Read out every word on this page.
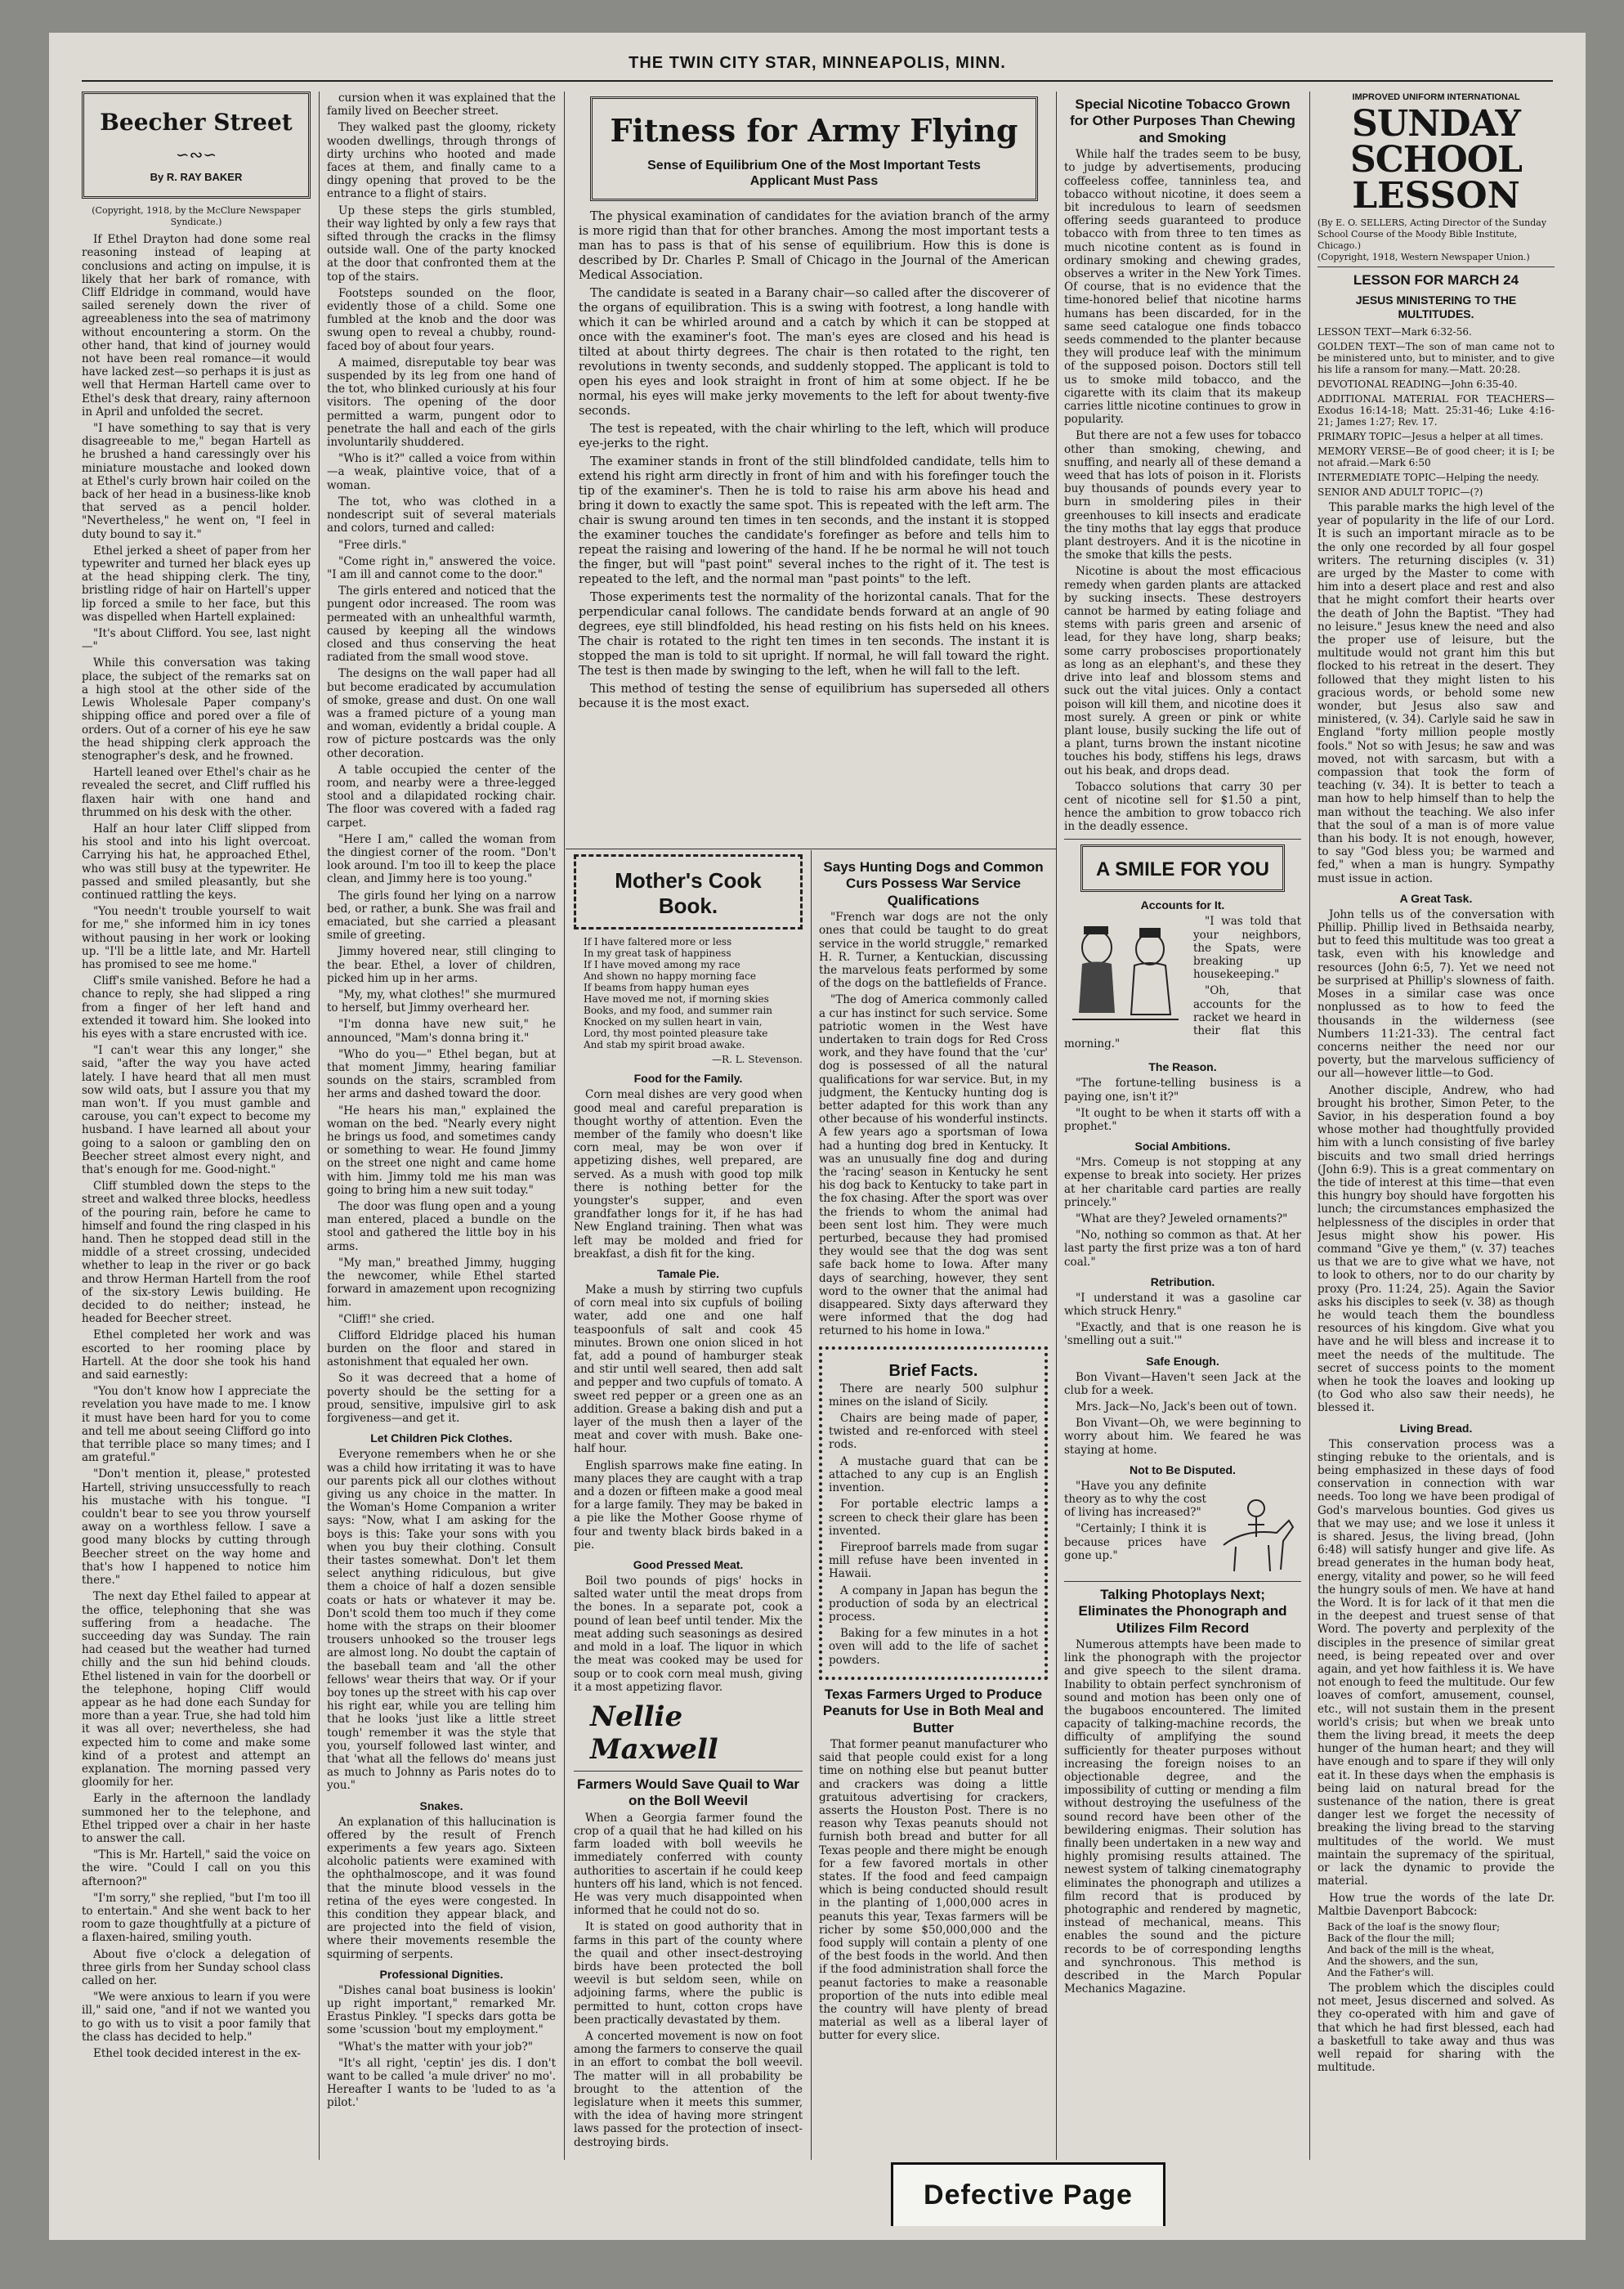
THE TWIN CITY STAR, MINNEAPOLIS, MINN.
Beecher Street
∽∾∽
By R. RAY BAKER
(Copyright, 1918, by the McClure Newspaper Syndicate.)

If Ethel Drayton had done some real reasoning instead of leaping at conclusions and acting on impulse, it is likely that her bark of romance, with Cliff Eldridge in command, would have sailed serenely down the river of agreeableness into the sea of matrimony without encountering a storm. On the other hand, that kind of journey would not have been real romance—it would have lacked zest—so perhaps it is just as well that Herman Hartell came over to Ethel's desk that dreary, rainy afternoon in April and unfolded the secret.

"I have something to say that is very disagreeable to me," began Hartell as he brushed a hand caressingly over his miniature moustache and looked down at Ethel's curly brown hair coiled on the back of her head in a business-like knob that served as a pencil holder. "Nevertheless," he went on, "I feel in duty bound to say it."

Ethel jerked a sheet of paper from her typewriter and turned her black eyes up at the head shipping clerk. The tiny, bristling ridge of hair on Hartell's upper lip forced a smile to her face, but this was dispelled when Hartell explained:

"It's about Clifford. You see, last night—"

While this conversation was taking place, the subject of the remarks sat on a high stool at the other side of the Lewis Wholesale Paper company's shipping office and pored over a file of orders. Out of a corner of his eye he saw the head shipping clerk approach the stenographer's desk, and he frowned.

Hartell leaned over Ethel's chair as he revealed the secret, and Cliff ruffled his flaxen hair with one hand and thrummed on his desk with the other.

Half an hour later Cliff slipped from his stool and into his light overcoat. Carrying his hat, he approached Ethel, who was still busy at the typewriter. He passed and smiled pleasantly, but she continued rattling the keys.

"You needn't trouble yourself to wait for me," she informed him in icy tones without pausing in her work or looking up. "I'll be a little late, and Mr. Hartell has promised to see me home."

Cliff's smile vanished. Before he had a chance to reply, she had slipped a ring from a finger of her left hand and extended it toward him. She looked into his eyes with a stare encrusted with ice.

"I can't wear this any longer," she said, "after the way you have acted lately. I have heard that all men must sow wild oats, but I assure you that my man won't. If you must gamble and carouse, you can't expect to become my husband. I have learned all about your going to a saloon or gambling den on Beecher street almost every night, and that's enough for me. Good-night."

Cliff stumbled down the steps to the street and walked three blocks, heedless of the pouring rain, before he came to himself and found the ring clasped in his hand. Then he stopped dead still in the middle of a street crossing, undecided whether to leap in the river or go back and throw Herman Hartell from the roof of the six-story Lewis building. He decided to do neither; instead, he headed for Beecher street.

Ethel completed her work and was escorted to her rooming place by Hartell. At the door she took his hand and said earnestly:

"You don't know how I appreciate the revelation you have made to me. I know it must have been hard for you to come and tell me about seeing Clifford go into that terrible place so many times; and I am grateful."

"Don't mention it, please," protested Hartell, striving unsuccessfully to reach his mustache with his tongue. "I couldn't bear to see you throw yourself away on a worthless fellow. I save a good many blocks by cutting through Beecher street on the way home and that's how I happened to notice him there."

The next day Ethel failed to appear at the office, telephoning that she was suffering from a headache. The succeeding day was Sunday. The rain had ceased but the weather had turned chilly and the sun hid behind clouds. Ethel listened in vain for the doorbell or the telephone, hoping Cliff would appear as he had done each Sunday for more than a year. True, she had told him it was all over; nevertheless, she had expected him to come and make some kind of a protest and attempt an explanation. The morning passed very gloomily for her.

Early in the afternoon the landlady summoned her to the telephone, and Ethel tripped over a chair in her haste to answer the call.

"This is Mr. Hartell," said the voice on the wire. "Could I call on you this afternoon?"

"I'm sorry," she replied, "but I'm too ill to entertain." And she went back to her room to gaze thoughtfully at a picture of a flaxen-haired, smiling youth.

About five o'clock a delegation of three girls from her Sunday school class called on her.

"We were anxious to learn if you were ill," said one, "and if not we wanted you to go with us to visit a poor family that the class has decided to help."

Ethel took decided interest in the ex-

cursion when it was explained that the family lived on Beecher street.

They walked past the gloomy, rickety wooden dwellings, through throngs of dirty urchins who hooted and made faces at them, and finally came to a dingy opening that proved to be the entrance to a flight of stairs.

Up these steps the girls stumbled, their way lighted by only a few rays that sifted through the cracks in the flimsy outside wall. One of the party knocked at the door that confronted them at the top of the stairs.

Footsteps sounded on the floor, evidently those of a child. Some one fumbled at the knob and the door was swung open to reveal a chubby, round-faced boy of about four years.

A maimed, disreputable toy bear was suspended by its leg from one hand of the tot, who blinked curiously at his four visitors. The opening of the door permitted a warm, pungent odor to penetrate the hall and each of the girls involuntarily shuddered.

"Who is it?" called a voice from within—a weak, plaintive voice, that of a woman.

The tot, who was clothed in a nondescript suit of several materials and colors, turned and called:

"Free dirls."

"Come right in," answered the voice. "I am ill and cannot come to the door."

The girls entered and noticed that the pungent odor increased. The room was permeated with an unhealthful warmth, caused by keeping all the windows closed and thus conserving the heat radiated from the small wood stove.

The designs on the wall paper had all but become eradicated by accumulation of smoke, grease and dust. On one wall was a framed picture of a young man and woman, evidently a bridal couple. A row of picture postcards was the only other decoration.

A table occupied the center of the room, and nearby were a three-legged stool and a dilapidated rocking chair. The floor was covered with a faded rag carpet.

"Here I am," called the woman from the dingiest corner of the room. "Don't look around. I'm too ill to keep the place clean, and Jimmy here is too young."

The girls found her lying on a narrow bed, or rather, a bunk. She was frail and emaciated, but she carried a pleasant smile of greeting.

Jimmy hovered near, still clinging to the bear. Ethel, a lover of children, picked him up in her arms.

"My, my, what clothes!" she murmured to herself, but Jimmy overheard her.

"I'm donna have new suit," he announced, "Mam's donna bring it."

"Who do you—" Ethel began, but at that moment Jimmy, hearing familiar sounds on the stairs, scrambled from her arms and dashed toward the door.

"He hears his man," explained the woman on the bed. "Nearly every night he brings us food, and sometimes candy or something to wear. He found Jimmy on the street one night and came home with him. Jimmy told me his man was going to bring him a new suit today."

The door was flung open and a young man entered, placed a bundle on the stool and gathered the little boy in his arms.

"My man," breathed Jimmy, hugging the newcomer, while Ethel started forward in amazement upon recognizing him.

"Cliff!" she cried.

Clifford Eldridge placed his human burden on the floor and stared in astonishment that equaled her own.

So it was decreed that a home of poverty should be the setting for a proud, sensitive, impulsive girl to ask forgiveness—and get it.

Let Children Pick Clothes.

Everyone remembers when he or she was a child how irritating it was to have our parents pick all our clothes without giving us any choice in the matter. In the Woman's Home Companion a writer says: "Now, what I am asking for the boys is this: Take your sons with you when you buy their clothing. Consult their tastes somewhat. Don't let them select anything ridiculous, but give them a choice of half a dozen sensible coats or hats or whatever it may be. Don't scold them too much if they come home with the straps on their bloomer trousers unhooked so the trouser legs are almost long. No doubt the captain of the baseball team and 'all the other fellows' wear theirs that way. Or if your boy tones up the street with his cap over his right ear, while you are telling him that he looks 'just like a little street tough' remember it was the style that you, yourself followed last winter, and that 'what all the fellows do' means just as much to Johnny as Paris notes do to you."

Snakes.

An explanation of this hallucination is offered by the result of French experiments a few years ago. Sixteen alcoholic patients were examined with the ophthalmoscope, and it was found that the minute blood vessels in the retina of the eyes were congested. In this condition they appear black, and are projected into the field of vision, where their movements resemble the squirming of serpents.

Professional Dignities.

"Dishes canal boat business is lookin' up right important," remarked Mr. Erastus Pinkley. "I specks dars gotta be some 'scussion 'bout my employment."

"What's the matter with your job?"

"It's all right, 'ceptin' jes dis. I don't want to be called 'a mule driver' no mo'. Hereafter I wants to be 'luded to as 'a pilot.'

Fitness for Army Flying
Sense of Equilibrium One of the Most Important Tests Applicant Must Pass

The physical examination of candidates for the aviation branch of the army is more rigid than that for other branches. Among the most important tests a man has to pass is that of his sense of equilibrium. How this is done is described by Dr. Charles P. Small of Chicago in the Journal of the American Medical Association.

The candidate is seated in a Barany chair—so called after the discoverer of the organs of equilibration. This is a swing with footrest, a long handle with which it can be whirled around and a catch by which it can be stopped at once with the examiner's foot. The man's eyes are closed and his head is tilted at about thirty degrees. The chair is then rotated to the right, ten revolutions in twenty seconds, and suddenly stopped. The applicant is told to open his eyes and look straight in front of him at some object. If he be normal, his eyes will make jerky movements to the left for about twenty-five seconds.

The test is repeated, with the chair whirling to the left, which will produce eye-jerks to the right.

The examiner stands in front of the still blindfolded candidate, tells him to extend his right arm directly in front of him and with his forefinger touch the tip of the examiner's. Then he is told to raise his arm above his head and bring it down to exactly the same spot. This is repeated with the left arm. The chair is swung around ten times in ten seconds, and the instant it is stopped the examiner touches the candidate's forefinger as before and tells him to repeat the raising and lowering of the hand. If he be normal he will not touch the finger, but will "past point" several inches to the right of it. The test is repeated to the left, and the normal man "past points" to the left.

Those experiments test the normality of the horizontal canals. That for the perpendicular canal follows. The candidate bends forward at an angle of 90 degrees, eye still blindfolded, his head resting on his fists held on his knees. The chair is rotated to the right ten times in ten seconds. The instant it is stopped the man is told to sit upright. If normal, he will fall toward the right. The test is then made by swinging to the left, when he will fall to the left.

This method of testing the sense of equilibrium has superseded all others because it is the most exact.

Mother's Cook Book.
If I have faltered more or less
In my great task of happiness
If I have moved among my race
And shown no happy morning face
If beams from happy human eyes
Have moved me not, if morning skies
Books, and my food, and summer rain
Knocked on my sullen heart in vain,
Lord, thy most pointed pleasure take
And stab my spirit broad awake.
—R. L. Stevenson.
Food for the Family.

Corn meal dishes are very good when good meal and careful preparation is thought worthy of attention. Even the member of the family who doesn't like corn meal, may be won over if appetizing dishes, well prepared, are served. As a mush with good top milk there is nothing better for the youngster's supper, and even grandfather longs for it, if he has had New England training. Then what was left may be molded and fried for breakfast, a dish fit for the king.

Tamale Pie.

Make a mush by stirring two cupfuls of corn meal into six cupfuls of boiling water, add one and one half teaspoonfuls of salt and cook 45 minutes. Brown one onion sliced in hot fat, add a pound of hamburger steak and stir until well seared, then add salt and pepper and two cupfuls of tomato. A sweet red pepper or a green one as an addition. Grease a baking dish and put a layer of the mush then a layer of the meat and cover with mush. Bake one-half hour.

English sparrows make fine eating. In many places they are caught with a trap and a dozen or fifteen make a good meal for a large family. They may be baked in a pie like the Mother Goose rhyme of four and twenty black birds baked in a pie.

Good Pressed Meat.

Boil two pounds of pigs' hocks in salted water until the meat drops from the bones. In a separate pot, cook a pound of lean beef until tender. Mix the meat adding such seasonings as desired and mold in a loaf. The liquor in which the meat was cooked may be used for soup or to cook corn meal mush, giving it a most appetizing flavor.

Nellie Maxwell
Farmers Would Save Quail to War on the Boll Weevil

When a Georgia farmer found the crop of a quail that he had killed on his farm loaded with boll weevils he immediately conferred with county authorities to ascertain if he could keep hunters off his land, which is not fenced. He was very much disappointed when informed that he could not do so.

It is stated on good authority that in farms in this part of the county where the quail and other insect-destroying birds have been protected the boll weevil is but seldom seen, while on adjoining farms, where the public is permitted to hunt, cotton crops have been practically devastated by them.

A concerted movement is now on foot among the farmers to conserve the quail in an effort to combat the boll weevil. The matter will in all probability be brought to the attention of the legislature when it meets this summer, with the idea of having more stringent laws passed for the protection of insect-destroying birds.

Says Hunting Dogs and Common Curs Possess War Service Qualifications

"French war dogs are not the only ones that could be taught to do great service in the world struggle," remarked H. R. Turner, a Kentuckian, discussing the marvelous feats performed by some of the dogs on the battlefields of France.

"The dog of America commonly called a cur has instinct for such service. Some patriotic women in the West have undertaken to train dogs for Red Cross work, and they have found that the 'cur' dog is possessed of all the natural qualifications for war service. But, in my judgment, the Kentucky hunting dog is better adapted for this work than any other because of his wonderful instincts. A few years ago a sportsman of Iowa had a hunting dog bred in Kentucky. It was an unusually fine dog and during the 'racing' season in Kentucky he sent his dog back to Kentucky to take part in the fox chasing. After the sport was over the friends to whom the animal had been sent lost him. They were much perturbed, because they had promised they would see that the dog was sent safe back home to Iowa. After many days of searching, however, they sent word to the owner that the animal had disappeared. Sixty days afterward they were informed that the dog had returned to his home in Iowa."

Brief Facts.

There are nearly 500 sulphur mines on the island of Sicily.

Chairs are being made of paper, twisted and re-enforced with steel rods.

A mustache guard that can be attached to any cup is an English invention.

For portable electric lamps a screen to check their glare has been invented.

Fireproof barrels made from sugar mill refuse have been invented in Hawaii.

A company in Japan has begun the production of soda by an electrical process.

Baking for a few minutes in a hot oven will add to the life of sachet powders.

Texas Farmers Urged to Produce Peanuts for Use in Both Meal and Butter

That former peanut manufacturer who said that people could exist for a long time on nothing else but peanut butter and crackers was doing a little gratuitous advertising for crackers, asserts the Houston Post. There is no reason why Texas peanuts should not furnish both bread and butter for all Texas people and there might be enough for a few favored mortals in other states. If the food and feed campaign which is being conducted should result in the planting of 1,000,000 acres in peanuts this year, Texas farmers will be richer by some $50,000,000 and the food supply will contain a plenty of one of the best foods in the world. And then if the food administration shall force the peanut factories to make a reasonable proportion of the nuts into edible meal the country will have plenty of bread material as well as a liberal layer of butter for every slice.

Special Nicotine Tobacco Grown for Other Purposes Than Chewing and Smoking

While half the trades seem to be busy, to judge by advertisements, producing coffeeless coffee, tanninless tea, and tobacco without nicotine, it does seem a bit incredulous to learn of seedsmen offering seeds guaranteed to produce tobacco with from three to ten times as much nicotine content as is found in ordinary smoking and chewing grades, observes a writer in the New York Times. Of course, that is no evidence that the time-honored belief that nicotine harms humans has been discarded, for in the same seed catalogue one finds tobacco seeds commended to the planter because they will produce leaf with the minimum of the supposed poison. Doctors still tell us to smoke mild tobacco, and the cigarette with its claim that its makeup carries little nicotine continues to grow in popularity.

But there are not a few uses for tobacco other than smoking, chewing, and snuffing, and nearly all of these demand a weed that has lots of poison in it. Florists buy thousands of pounds every year to burn in smoldering piles in their greenhouses to kill insects and eradicate the tiny moths that lay eggs that produce plant destroyers. And it is the nicotine in the smoke that kills the pests.

Nicotine is about the most efficacious remedy when garden plants are attacked by sucking insects. These destroyers cannot be harmed by eating foliage and stems with paris green and arsenic of lead, for they have long, sharp beaks; some carry proboscises proportionately as long as an elephant's, and these they drive into leaf and blossom stems and suck out the vital juices. Only a contact poison will kill them, and nicotine does it most surely. A green or pink or white plant louse, busily sucking the life out of a plant, turns brown the instant nicotine touches his body, stiffens his legs, draws out his beak, and drops dead.

Tobacco solutions that carry 30 per cent of nicotine sell for $1.50 a pint, hence the ambition to grow tobacco rich in the deadly essence.

A SMILE FOR YOU
Accounts for It.

"I was told that your neighbors, the Spats, were breaking up housekeeping."

"Oh, that accounts for the racket we heard in their flat this morning."

The Reason.

"The fortune-telling business is a paying one, isn't it?"

"It ought to be when it starts off with a prophet."

Social Ambitions.

"Mrs. Comeup is not stopping at any expense to break into society. Her prizes at her charitable card parties are really princely."

"What are they? Jeweled ornaments?"

"No, nothing so common as that. At her last party the first prize was a ton of hard coal."

Retribution.

"I understand it was a gasoline car which struck Henry."

"Exactly, and that is one reason he is 'smelling out a suit.'"

Safe Enough.

Bon Vivant—Haven't seen Jack at the club for a week.

Mrs. Jack—No, Jack's been out of town.

Bon Vivant—Oh, we were beginning to worry about him. We feared he was staying at home.

Not to Be Disputed.

"Have you any definite theory as to why the cost of living has increased?"

"Certainly; I think it is because prices have gone up."

Talking Photoplays Next; Eliminates the Phonograph and Utilizes Film Record

Numerous attempts have been made to link the phonograph with the projector and give speech to the silent drama. Inability to obtain perfect synchronism of sound and motion has been only one of the bugaboos encountered. The limited capacity of talking-machine records, the difficulty of amplifying the sound sufficiently for theater purposes without increasing the foreign noises to an objectionable degree, and the impossibility of cutting or mending a film without destroying the usefulness of the sound record have been other of the bewildering enigmas. Their solution has finally been undertaken in a new way and highly promising results attained. The newest system of talking cinematography eliminates the phonograph and utilizes a film record that is produced by photographic and rendered by magnetic, instead of mechanical, means. This enables the sound and the picture records to be of corresponding lengths and synchronous. This method is described in the March Popular Mechanics Magazine.

IMPROVED UNIFORM INTERNATIONAL
SUNDAY SCHOOL
LESSON
(By E. O. SELLERS, Acting Director of the Sunday School Course of the Moody Bible Institute, Chicago.)
(Copyright, 1918, Western Newspaper Union.)
LESSON FOR MARCH 24
JESUS MINISTERING TO THE MULTITUDES.

LESSON TEXT—Mark 6:32-56.

GOLDEN TEXT—The son of man came not to be ministered unto, but to minister, and to give his life a ransom for many.—Matt. 20:28.

DEVOTIONAL READING—John 6:35-40.

ADDITIONAL MATERIAL FOR TEACHERS—Exodus 16:14-18; Matt. 25:31-46; Luke 4:16-21; James 1:27; Rev. 17.

PRIMARY TOPIC—Jesus a helper at all times.

MEMORY VERSE—Be of good cheer; it is I; be not afraid.—Mark 6:50

INTERMEDIATE TOPIC—Helping the needy.

SENIOR AND ADULT TOPIC—(?)

This parable marks the high level of the year of popularity in the life of our Lord. It is such an important miracle as to be the only one recorded by all four gospel writers. The returning disciples (v. 31) are urged by the Master to come with him into a desert place and rest and also that he might comfort their hearts over the death of John the Baptist. "They had no leisure." Jesus knew the need and also the proper use of leisure, but the multitude would not grant him this but flocked to his retreat in the desert. They followed that they might listen to his gracious words, or behold some new wonder, but Jesus also saw and ministered, (v. 34). Carlyle said he saw in England "forty million people mostly fools." Not so with Jesus; he saw and was moved, not with sarcasm, but with a compassion that took the form of teaching (v. 34). It is better to teach a man how to help himself than to help the man without the teaching. We also infer that the soul of a man is of more value than his body. It is not enough, however, to say "God bless you; be warmed and fed," when a man is hungry. Sympathy must issue in action.

A Great Task.

John tells us of the conversation with Phillip. Phillip lived in Bethsaida nearby, but to feed this multitude was too great a task, even with his knowledge and resources (John 6:5, 7). Yet we need not be surprised at Phillip's slowness of faith. Moses in a similar case was once nonplussed as to how to feed the thousands in the wilderness (see Numbers 11:21-33). The central fact concerns neither the need nor our poverty, but the marvelous sufficiency of our all—however little—to God.

Another disciple, Andrew, who had brought his brother, Simon Peter, to the Savior, in his desperation found a boy whose mother had thoughtfully provided him with a lunch consisting of five barley biscuits and two small dried herrings (John 6:9). This is a great commentary on the tide of interest at this time—that even this hungry boy should have forgotten his lunch; the circumstances emphasized the helplessness of the disciples in order that Jesus might show his power. His command "Give ye them," (v. 37) teaches us that we are to give what we have, not to look to others, nor to do our charity by proxy (Pro. 11:24, 25). Again the Savior asks his disciples to seek (v. 38) as though he would teach them the boundless resources of his kingdom. Give what you have and he will bless and increase it to meet the needs of the multitude. The secret of success points to the moment when he took the loaves and looking up (to God who also saw their needs), he blessed it.

Living Bread.

This conservation process was a stinging rebuke to the orientals, and is being emphasized in these days of food conservation in connection with war needs. Too long we have been prodigal of God's marvelous bounties. God gives us that we may use; and we lose it unless it is shared. Jesus, the living bread, (John 6:48) will satisfy hunger and give life. As bread generates in the human body heat, energy, vitality and power, so he will feed the hungry souls of men. We have at hand the Word. It is for lack of it that men die in the deepest and truest sense of that Word. The poverty and perplexity of the disciples in the presence of similar great need, is being repeated over and over again, and yet how faithless it is. We have not enough to feed the multitude. Our few loaves of comfort, amusement, counsel, etc., will not sustain them in the present world's crisis; but when we break unto them the living bread, it meets the deep hunger of the human heart; and they will have enough and to spare if they will only eat it. In these days when the emphasis is being laid on natural bread for the sustenance of the nation, there is great danger lest we forget the necessity of breaking the living bread to the starving multitudes of the world. We must maintain the supremacy of the spiritual, or lack the dynamic to provide the material.

How true the words of the late Dr. Maltbie Davenport Babcock:

Back of the loaf is the snowy flour;
Back of the flour the mill;
And back of the mill is the wheat,
And the showers, and the sun,
And the Father's will.

The problem which the disciples could not meet, Jesus discerned and solved. As they co-operated with him and gave of that which he had first blessed, each had a basketfull to take away and thus was well repaid for sharing with the multitude.

Defective Page
